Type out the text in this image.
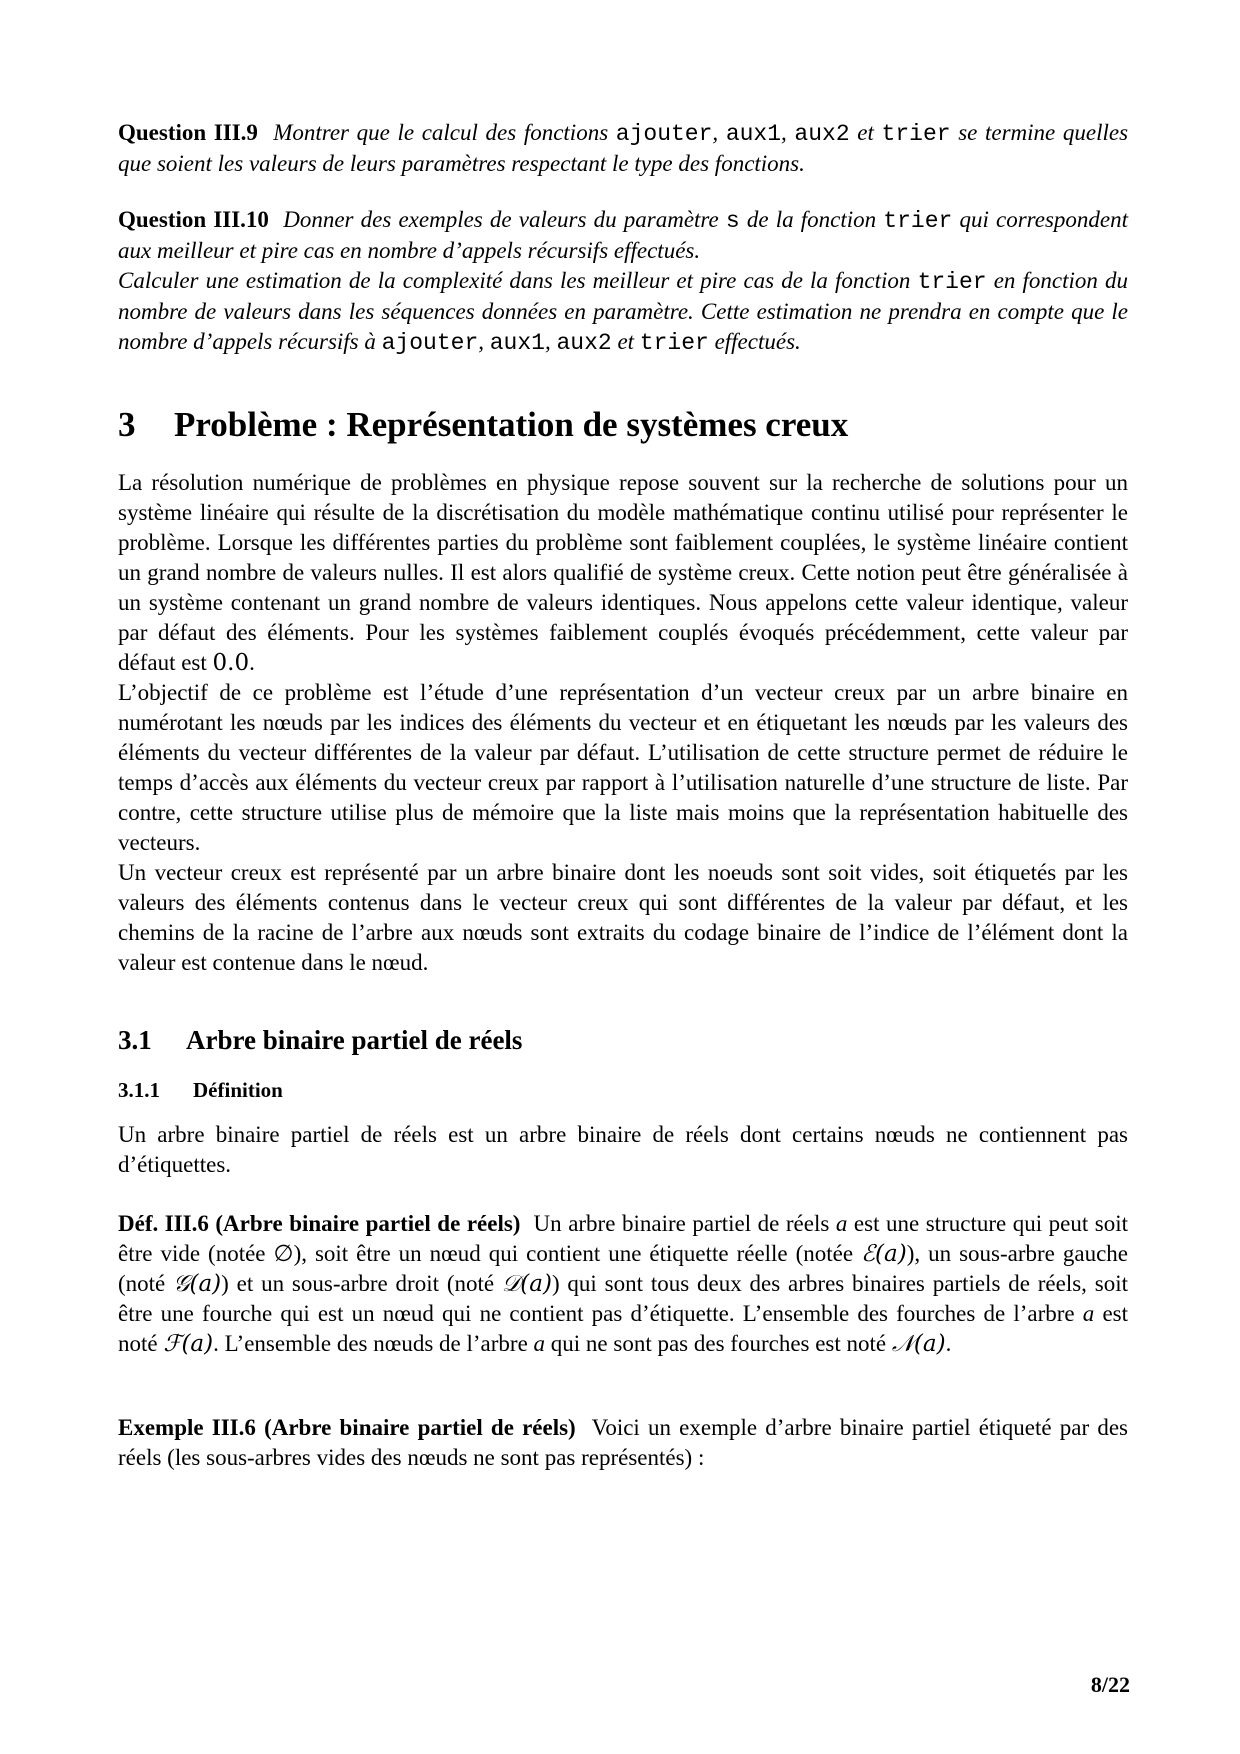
Question III.9 Montrer que le calcul des fonctions ajouter, aux1, aux2 et trier se termine quelles que soient les valeurs de leurs paramètres respectant le type des fonctions.

Question III.10 Donner des exemples de valeurs du paramètre s de la fonction trier qui correspondent aux meilleur et pire cas en nombre d’appels récursifs effectués.

Calculer une estimation de la complexité dans les meilleur et pire cas de la fonction trier en fonction du nombre de valeurs dans les séquences données en paramètre. Cette estimation ne prendra en compte que le nombre d’appels récursifs à ajouter, aux1, aux2 et trier effectués.

3 Problème : Représentation de systèmes creux

La résolution numérique de problèmes en physique repose souvent sur la recherche de solutions pour un système linéaire qui résulte de la discrétisation du modèle mathématique continu utilisé pour représenter le problème. Lorsque les différentes parties du problème sont faiblement couplées, le système linéaire contient un grand nombre de valeurs nulles. Il est alors qualifié de système creux. Cette notion peut être généralisée à un système contenant un grand nombre de valeurs identiques. Nous appelons cette valeur identique, valeur par défaut des éléments. Pour les systèmes faiblement couplés évoqués précédemment, cette valeur par défaut est 0.0.

L’objectif de ce problème est l’étude d’une représentation d’un vecteur creux par un arbre binaire en numérotant les nœuds par les indices des éléments du vecteur et en étiquetant les nœuds par les valeurs des éléments du vecteur différentes de la valeur par défaut. L’utilisation de cette structure permet de réduire le temps d’accès aux éléments du vecteur creux par rapport à l’utilisation naturelle d’une structure de liste. Par contre, cette structure utilise plus de mémoire que la liste mais moins que la représentation habituelle des vecteurs.

Un vecteur creux est représenté par un arbre binaire dont les noeuds sont soit vides, soit étiquetés par les valeurs des éléments contenus dans le vecteur creux qui sont différentes de la valeur par défaut, et les chemins de la racine de l’arbre aux nœuds sont extraits du codage binaire de l’indice de l’élément dont la valeur est contenue dans le nœud.

3.1 Arbre binaire partiel de réels
3.1.1 Définition

Un arbre binaire partiel de réels est un arbre binaire de réels dont certains nœuds ne contiennent pas d’étiquettes.

Déf. III.6 (Arbre binaire partiel de réels) Un arbre binaire partiel de réels a est une structure qui peut soit être vide (notée ∅), soit être un nœud qui contient une étiquette réelle (notée ℰ(a)), un sous-arbre gauche (noté 𝒢(a)) et un sous-arbre droit (noté 𝒟(a)) qui sont tous deux des arbres binaires partiels de réels, soit être une fourche qui est un nœud qui ne contient pas d’étiquette. L’ensemble des fourches de l’arbre a est noté ℱ(a). L’ensemble des nœuds de l’arbre a qui ne sont pas des fourches est noté 𝒩(a).

Exemple III.6 (Arbre binaire partiel de réels) Voici un exemple d’arbre binaire partiel étiqueté par des réels (les sous-arbres vides des nœuds ne sont pas représentés) :

8/22
